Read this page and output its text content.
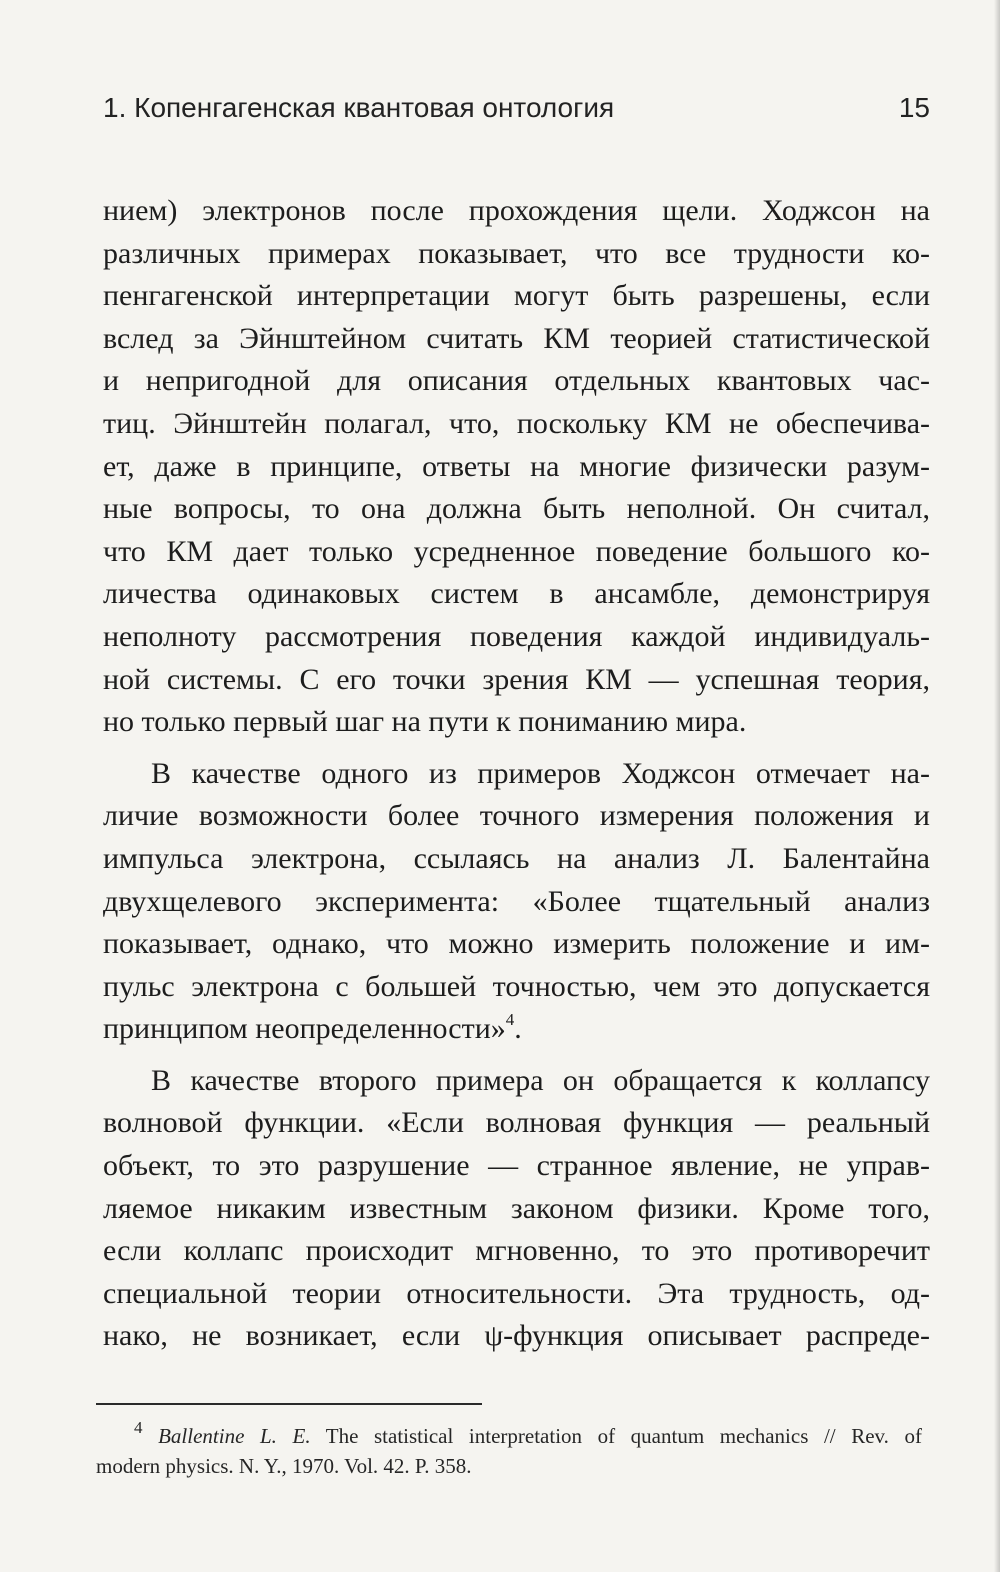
1. Копенгагенская квантовая онтология	15
нием) электронов после прохождения щели. Ходжсон на
различных примерах показывает, что все трудности ко-
пенгагенской интерпретации могут быть разрешены, если
вслед за Эйнштейном считать КМ теорией статистической
и непригодной для описания отдельных квантовых час-
тиц. Эйнштейн полагал, что, поскольку КМ не обеспечива-
ет, даже в принципе, ответы на многие физически разум-
ные вопросы, то она должна быть неполной. Он считал,
что КМ дает только усредненное поведение большого ко-
личества одинаковых систем в ансамбле, демонстрируя
неполноту рассмотрения поведения каждой индивидуаль-
ной системы. С его точки зрения КМ — успешная теория,
но только первый шаг на пути к пониманию мира.
В качестве одного из примеров Ходжсон отмечает на-
личие возможности более точного измерения положения и
импульса электрона, ссылаясь на анализ Л. Балентайна
двухщелевого эксперимента: «Более тщательный анализ
показывает, однако, что можно измерить положение и им-
пульс электрона с большей точностью, чем это допускается
принципом неопределенности»$^4$.
В качестве второго примера он обращается к коллапсу
волновой функции. «Если волновая функция — реальный
объект, то это разрушение — странное явление, не управ-
ляемое никаким известным законом физики. Кроме того,
если коллапс происходит мгновенно, то это противоречит
специальной теории относительности. Эта трудность, од-
нако, не возникает, если ψ-функция описывает распреде-
$^4$ Ballentine L. E. The statistical interpretation of quantum mechanics // Rev. of
modern physics. N. Y., 1970. Vol. 42. P. 358.
